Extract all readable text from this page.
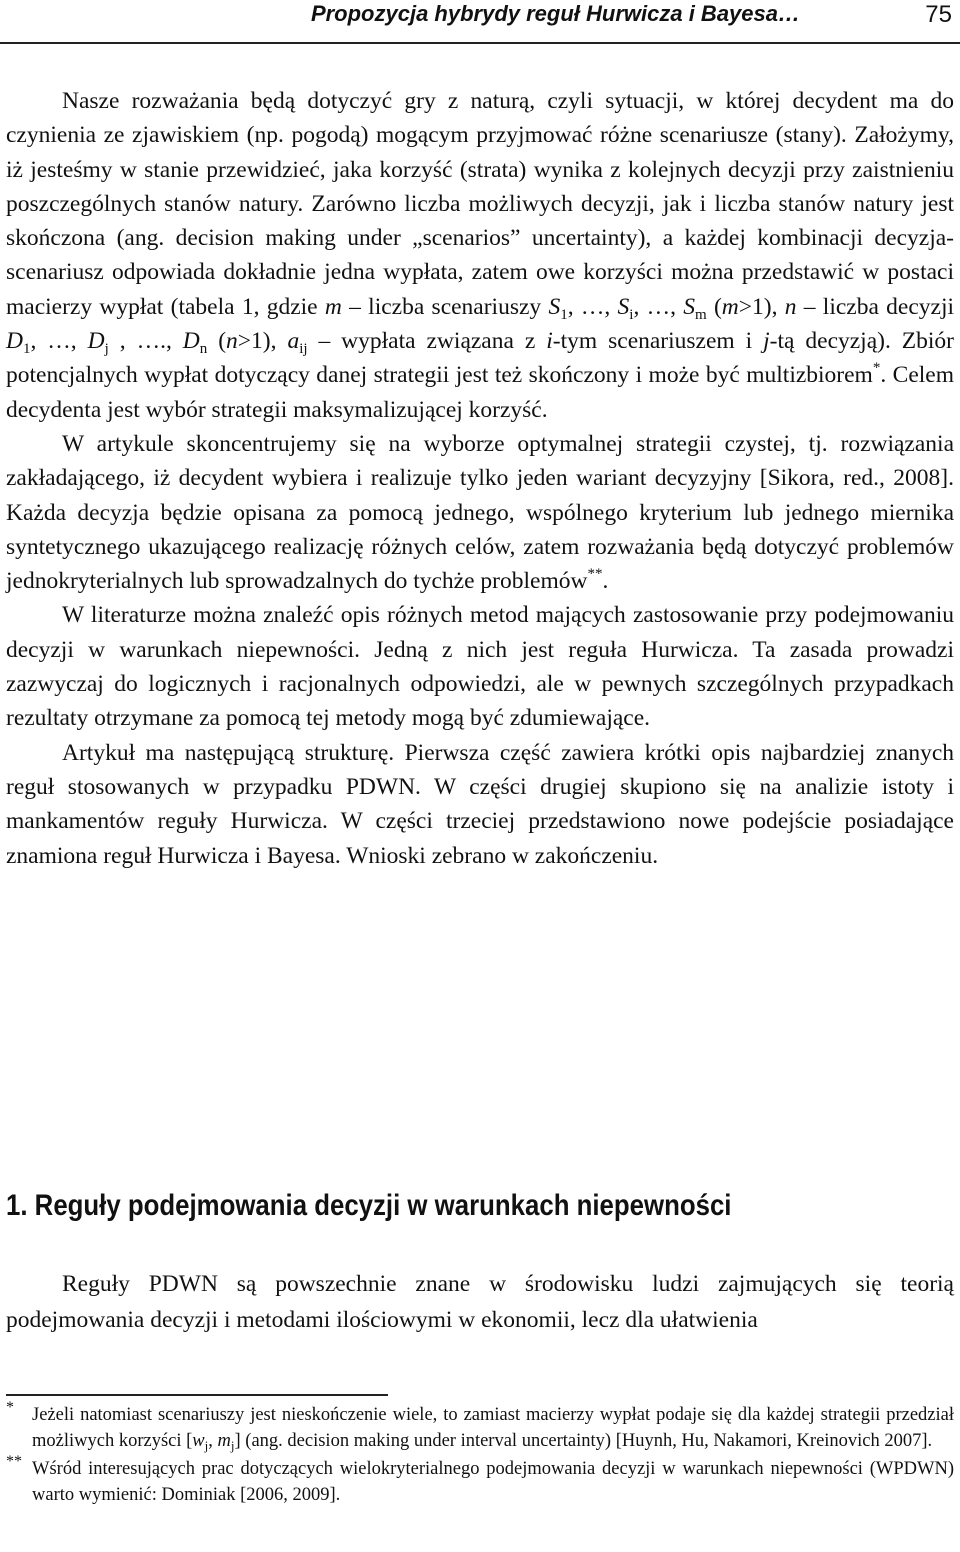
Propozycja hybrydy reguł Hurwicza i Bayesa…	75

Nasze rozważania będą dotyczyć gry z naturą, czyli sytuacji, w której decydent ma do czynienia ze zjawiskiem (np. pogodą) mogącym przyjmować różne scenariusze (stany). Założymy, iż jesteśmy w stanie przewidzieć, jaka korzyść (strata) wynika z kolejnych decyzji przy zaistnieniu poszczególnych stanów natury. Zarówno liczba możliwych decyzji, jak i liczba stanów natury jest skończona (ang. decision making under „scenarios” uncertainty), a każdej kombinacji decyzja-scenariusz odpowiada dokładnie jedna wypłata, zatem owe korzyści można przedstawić w postaci macierzy wypłat (tabela 1, gdzie m – liczba scenariuszy $S_1$, …, $S_i$, …, $S_m$ (m>1), n – liczba decyzji $D_1$, …, $D_j$ , …., $D_n$ (n>1), $a_{ij}$ – wypłata związana z i-tym scenariuszem i j-tą decyzją). Zbiór potencjalnych wypłat dotyczący danej strategii jest też skończony i może być multizbiorem*. Celem decydenta jest wybór strategii maksymalizującej korzyść.

W artykule skoncentrujemy się na wyborze optymalnej strategii czystej, tj. rozwiązania zakładającego, iż decydent wybiera i realizuje tylko jeden wariant decyzyjny [Sikora, red., 2008]. Każda decyzja będzie opisana za pomocą jednego, wspólnego kryterium lub jednego miernika syntetycznego ukazującego realizację różnych celów, zatem rozważania będą dotyczyć problemów jednokryterialnych lub sprowadzalnych do tychże problemów**.

W literaturze można znaleźć opis różnych metod mających zastosowanie przy podejmowaniu decyzji w warunkach niepewności. Jedną z nich jest reguła Hurwicza. Ta zasada prowadzi zazwyczaj do logicznych i racjonalnych odpowiedzi, ale w pewnych szczególnych przypadkach rezultaty otrzymane za pomocą tej metody mogą być zdumiewające.

Artykuł ma następującą strukturę. Pierwsza część zawiera krótki opis najbardziej znanych reguł stosowanych w przypadku PDWN. W części drugiej skupiono się na analizie istoty i mankamentów reguły Hurwicza. W części trzeciej przedstawiono nowe podejście posiadające znamiona reguł Hurwicza i Bayesa. Wnioski zebrano w zakończeniu.

1. Reguły podejmowania decyzji w warunkach niepewności

Reguły PDWN są powszechnie znane w środowisku ludzi zajmujących się teorią podejmowania decyzji i metodami ilościowymi w ekonomii, lecz dla ułatwienia

* Jeżeli natomiast scenariuszy jest nieskończenie wiele, to zamiast macierzy wypłat podaje się dla każdej strategii przedział możliwych korzyści [$w_j$, $m_j$] (ang. decision making under interval uncertainty) [Huynh, Hu, Nakamori, Kreinovich 2007].
** Wśród interesujących prac dotyczących wielokryterialnego podejmowania decyzji w warunkach niepewności (WPDWN) warto wymienić: Dominiak [2006, 2009].
